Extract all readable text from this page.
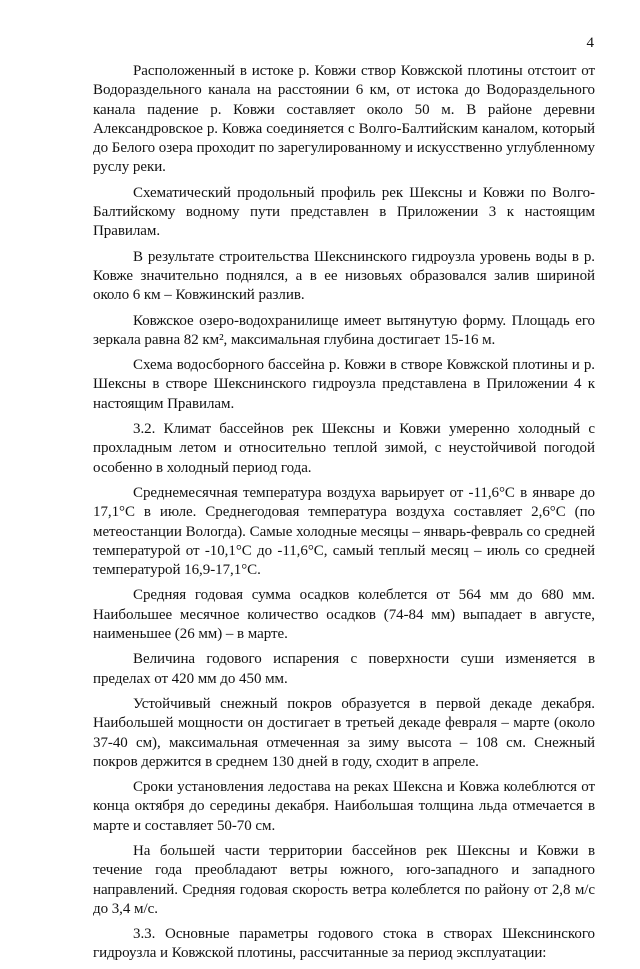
4

Расположенный в истоке р. Ковжи створ Ковжской плотины отстоит от Водораздельного канала на расстоянии 6 км, от истока до Водораздельного канала падение р. Ковжи составляет около 50 м. В районе деревни Александровское р. Ковжа соединяется с Волго-Балтийским каналом, который до Белого озера проходит по зарегулированному и искусственно углубленному руслу реки.

Схематический продольный профиль рек Шексны и Ковжи по Волго-Балтийскому водному пути представлен в Приложении 3 к настоящим Правилам.

В результате строительства Шекснинского гидроузла уровень воды в р. Ковже значительно поднялся, а в ее низовьях образовался залив шириной около 6 км – Ковжинский разлив.

Ковжское озеро-водохранилище имеет вытянутую форму. Площадь его зеркала равна 82 км², максимальная глубина достигает 15-16 м.

Схема водосборного бассейна р. Ковжи в створе Ковжской плотины и р. Шексны в створе Шекснинского гидроузла представлена в Приложении 4 к настоящим Правилам.

3.2. Климат бассейнов рек Шексны и Ковжи умеренно холодный с прохладным летом и относительно теплой зимой, с неустойчивой погодой особенно в холодный период года.

Среднемесячная температура воздуха варьирует от -11,6°С в январе до 17,1°С в июле. Среднегодовая температура воздуха составляет 2,6°С (по метеостанции Вологда). Самые холодные месяцы – январь-февраль со средней температурой от -10,1°С до -11,6°С, самый теплый месяц – июль со средней температурой 16,9-17,1°С.

Средняя годовая сумма осадков колеблется от 564 мм до 680 мм. Наибольшее месячное количество осадков (74-84 мм) выпадает в августе, наименьшее (26 мм) – в марте.

Величина годового испарения с поверхности суши изменяется в пределах от 420 мм до 450 мм.

Устойчивый снежный покров образуется в первой декаде декабря. Наибольшей мощности он достигает в третьей декаде февраля – марте (около 37-40 см), максимальная отмеченная за зиму высота – 108 см. Снежный покров держится в среднем 130 дней в году, сходит в апреле.

Сроки установления ледостава на реках Шексна и Ковжа колеблются от конца октября до середины декабря. Наибольшая толщина льда отмечается в марте и составляет 50-70 см.

На большей части территории бассейнов рек Шексны и Ковжи в течение года преобладают ветры южного, юго-западного и западного направлений. Средняя годовая скорость ветра колеблется по району от 2,8 м/с до 3,4 м/с.

3.3. Основные параметры годового стока в створах Шекснинского гидроузла и Ковжской плотины, рассчитанные за период эксплуатации:
